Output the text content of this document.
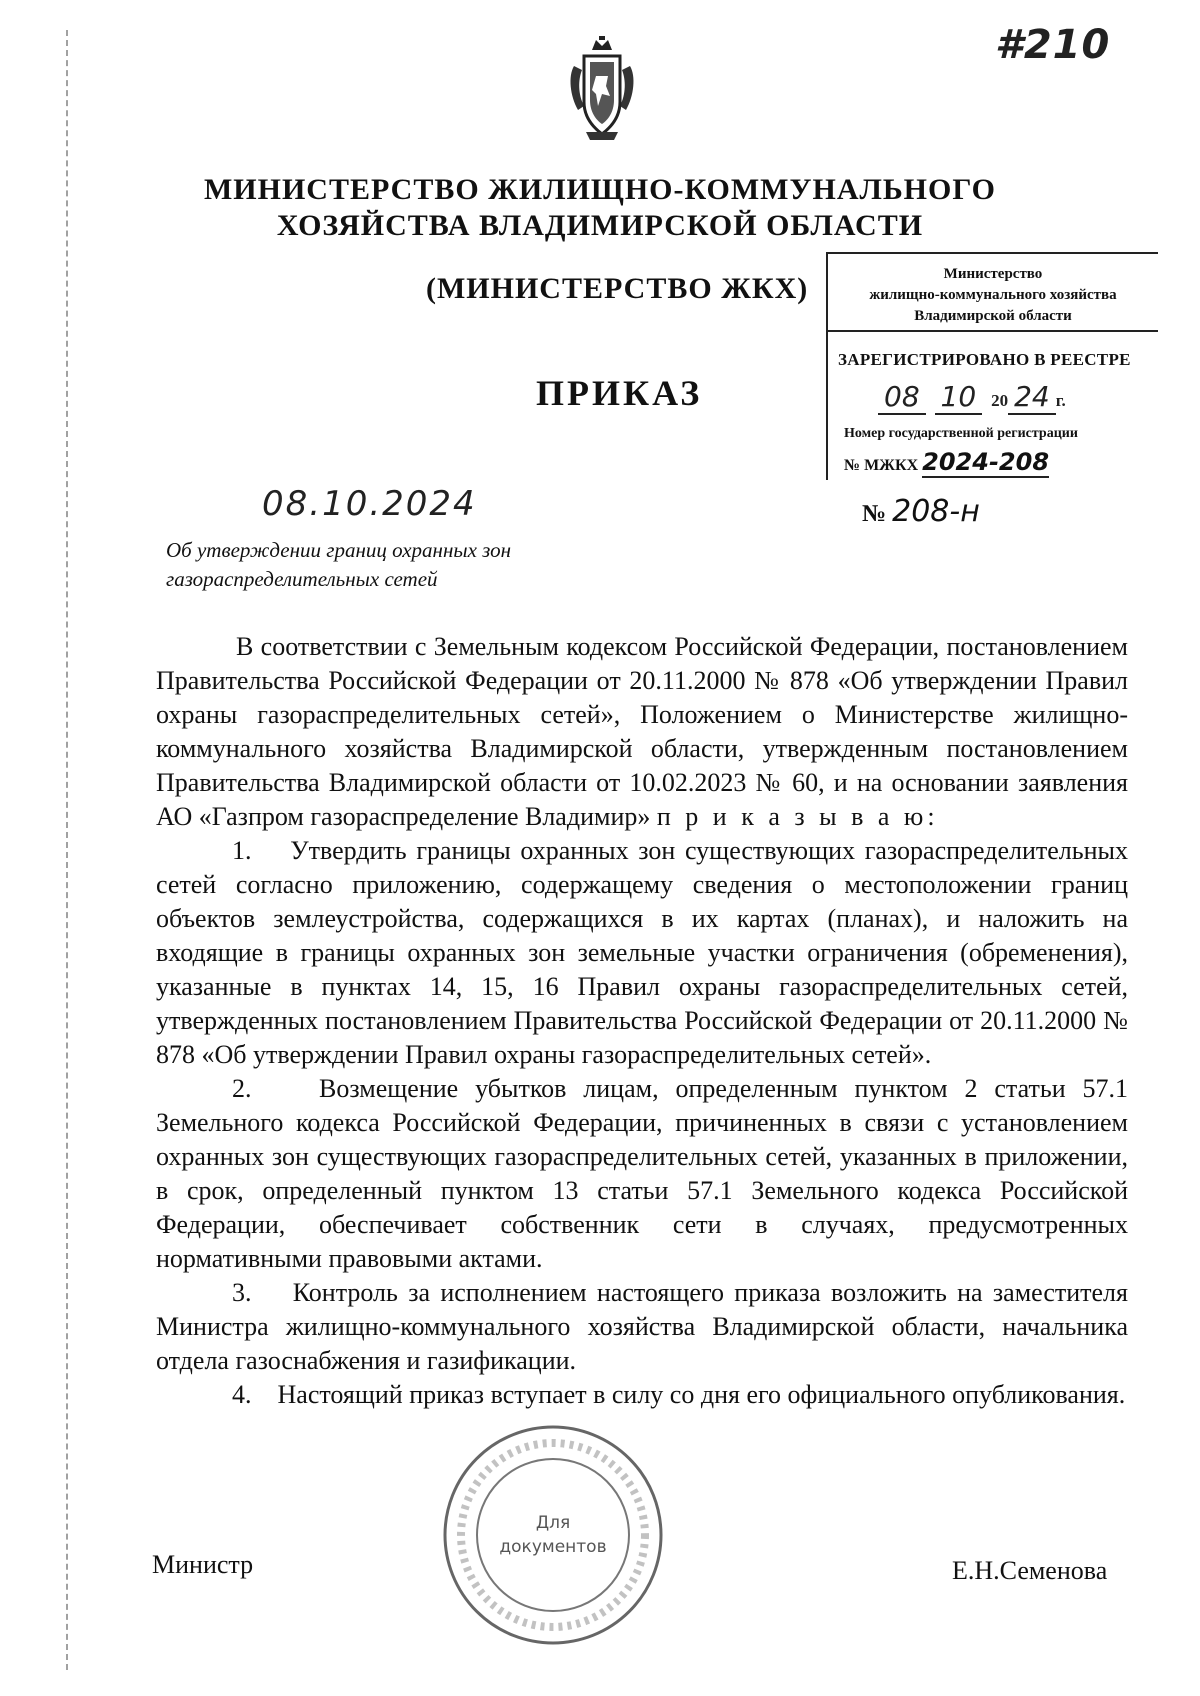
#210
МИНИСТЕРСТВО ЖИЛИЩНО-КОММУНАЛЬНОГО
ХОЗЯЙСТВА ВЛАДИМИРСКОЙ ОБЛАСТИ
(МИНИСТЕРСТВО ЖКХ)
ПРИКАЗ
Министерство
жилищно-коммунального хозяйства
Владимирской области
ЗАРЕГИСТРИРОВАНО В РЕЕСТРЕ
08 10 20 24 г.
Номер государственной регистрации
№ МЖКХ 2024-208
08.10.2024	№ 208-н
Об утверждении границ охранных зон
газораспределительных сетей

В соответствии с Земельным кодексом Российской Федерации, постановлением Правительства Российской Федерации от 20.11.2000 № 878 «Об утверждении Правил охраны газораспределительных сетей», Положением о Министерстве жилищно-коммунального хозяйства Владимирской области, утвержденным постановлением Правительства Владимирской области от 10.02.2023 № 60, и на основании заявления АО «Газпром газораспределение Владимир» п р и к а з ы в а ю:

1.    Утвердить границы охранных зон существующих газораспределительных сетей согласно приложению, содержащему сведения о местоположении границ объектов землеустройства, содержащихся в их картах (планах), и наложить на входящие в границы охранных зон земельные участки ограничения (обременения), указанные в пунктах 14, 15, 16 Правил охраны газораспределительных сетей, утвержденных постановлением Правительства Российской Федерации от 20.11.2000 № 878 «Об утверждении Правил охраны газораспределительных сетей».

2.    Возмещение убытков лицам, определенным пунктом 2 статьи 57.1 Земельного кодекса Российской Федерации, причиненных в связи с установлением охранных зон существующих газораспределительных сетей, указанных в приложении, в срок, определенный пунктом 13 статьи 57.1 Земельного кодекса Российской Федерации, обеспечивает собственник сети в случаях, предусмотренных нормативными правовыми актами.

3.    Контроль за исполнением настоящего приказа возложить на заместителя Министра жилищно-коммунального хозяйства Владимирской области, начальника отдела газоснабжения и газификации.

4.    Настоящий приказ вступает в силу со дня его официального опубликования.

Министр	Е.Н.Семенова
Для
документов
